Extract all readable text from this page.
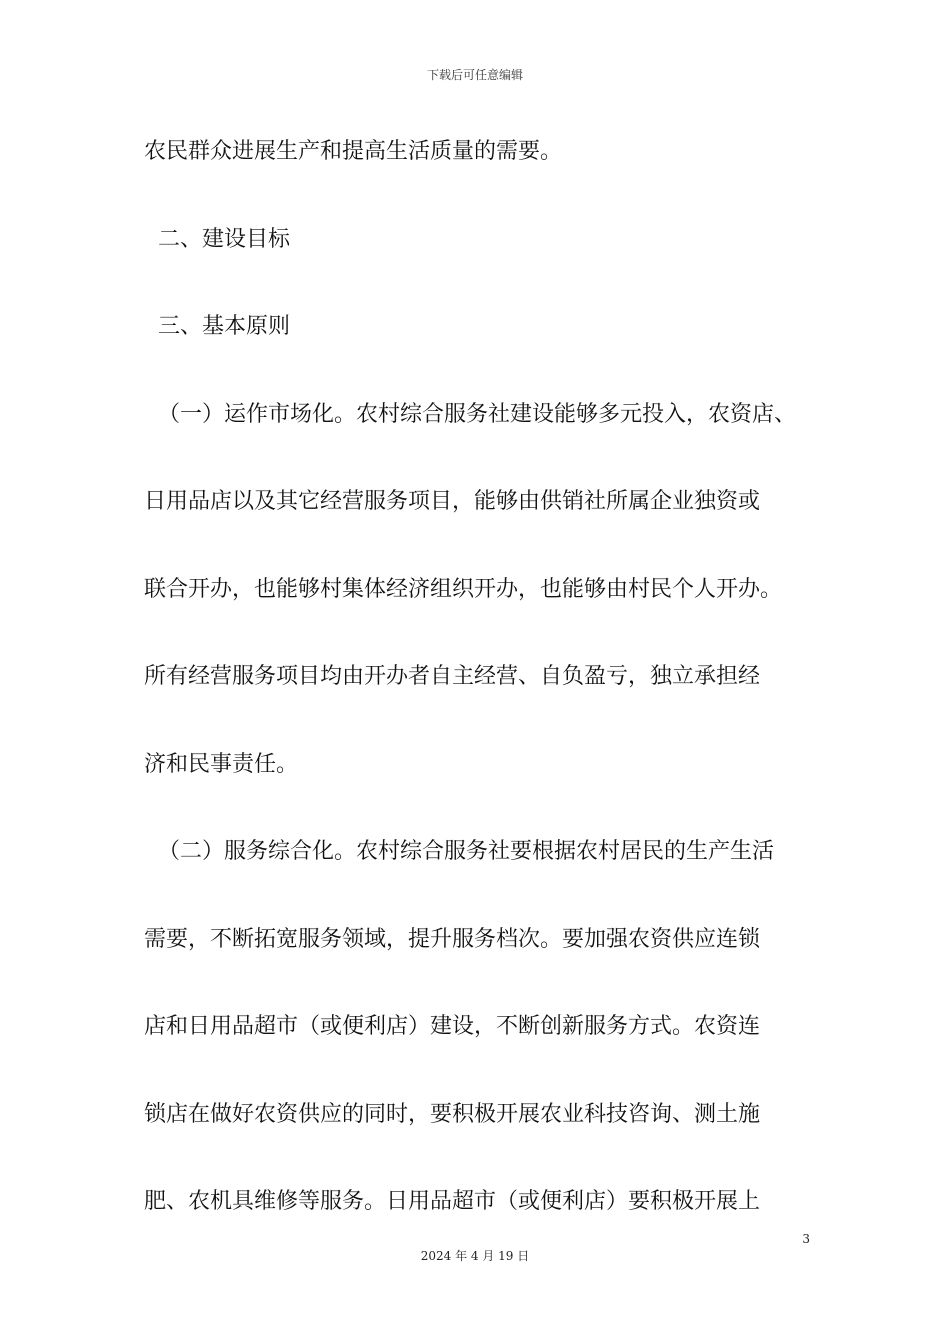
下载后可任意编辑
农民群众进展生产和提高生活质量的需要。
二、建设目标
三、基本原则
（一）运作市场化。农村综合服务社建设能够多元投入，农资店、
日用品店以及其它经营服务项目，能够由供销社所属企业独资或
联合开办，也能够村集体经济组织开办，也能够由村民个人开办。
所有经营服务项目均由开办者自主经营、自负盈亏，独立承担经
济和民事责任。
（二）服务综合化。农村综合服务社要根据农村居民的生产生活
需要，不断拓宽服务领域，提升服务档次。要加强农资供应连锁
店和日用品超市（或便利店）建设，不断创新服务方式。农资连
锁店在做好农资供应的同时，要积极开展农业科技咨询、测土施
肥、农机具维修等服务。日用品超市（或便利店）要积极开展上
3
2024 年 4 月 19 日
